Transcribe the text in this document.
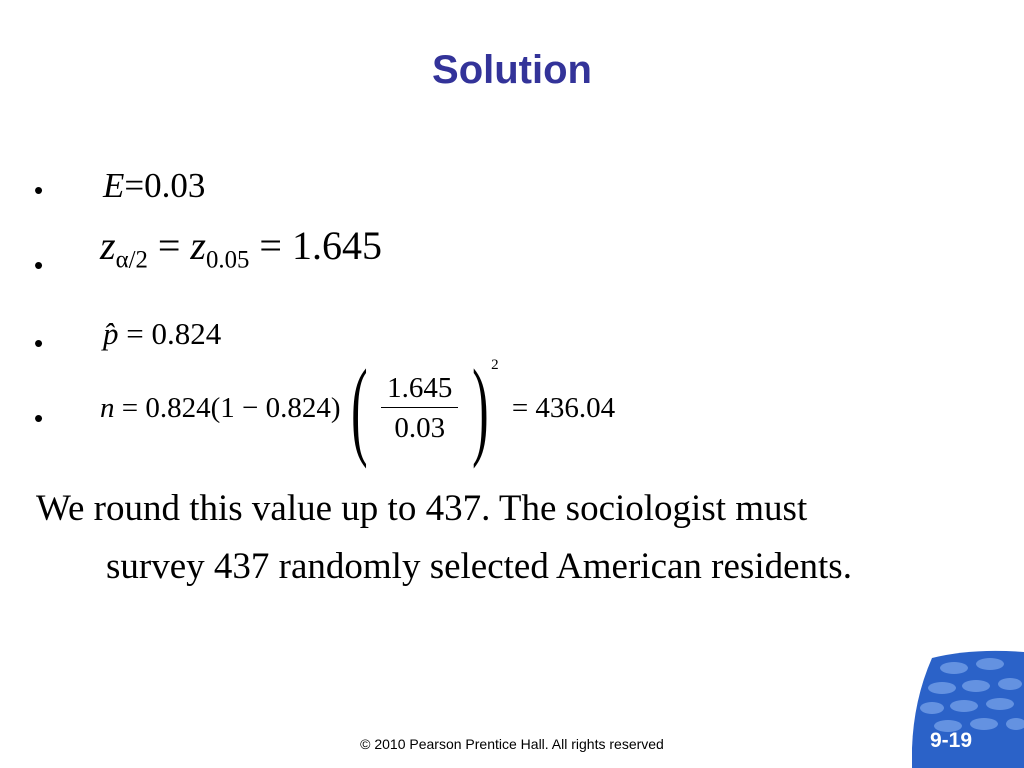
Solution
• E=0.03
• $z_{\alpha/2} = z_{0.05} = 1.645$
• p̂ = 0.824
• n = 0.824(1 − 0.824) ( $\frac{1.645}{0.03}$ ) 2
= 436.04
We round this value up to 437. The sociologist must
survey 437 randomly selected American residents.
© 2010 Pearson Prentice Hall. All rights reserved	9-19
